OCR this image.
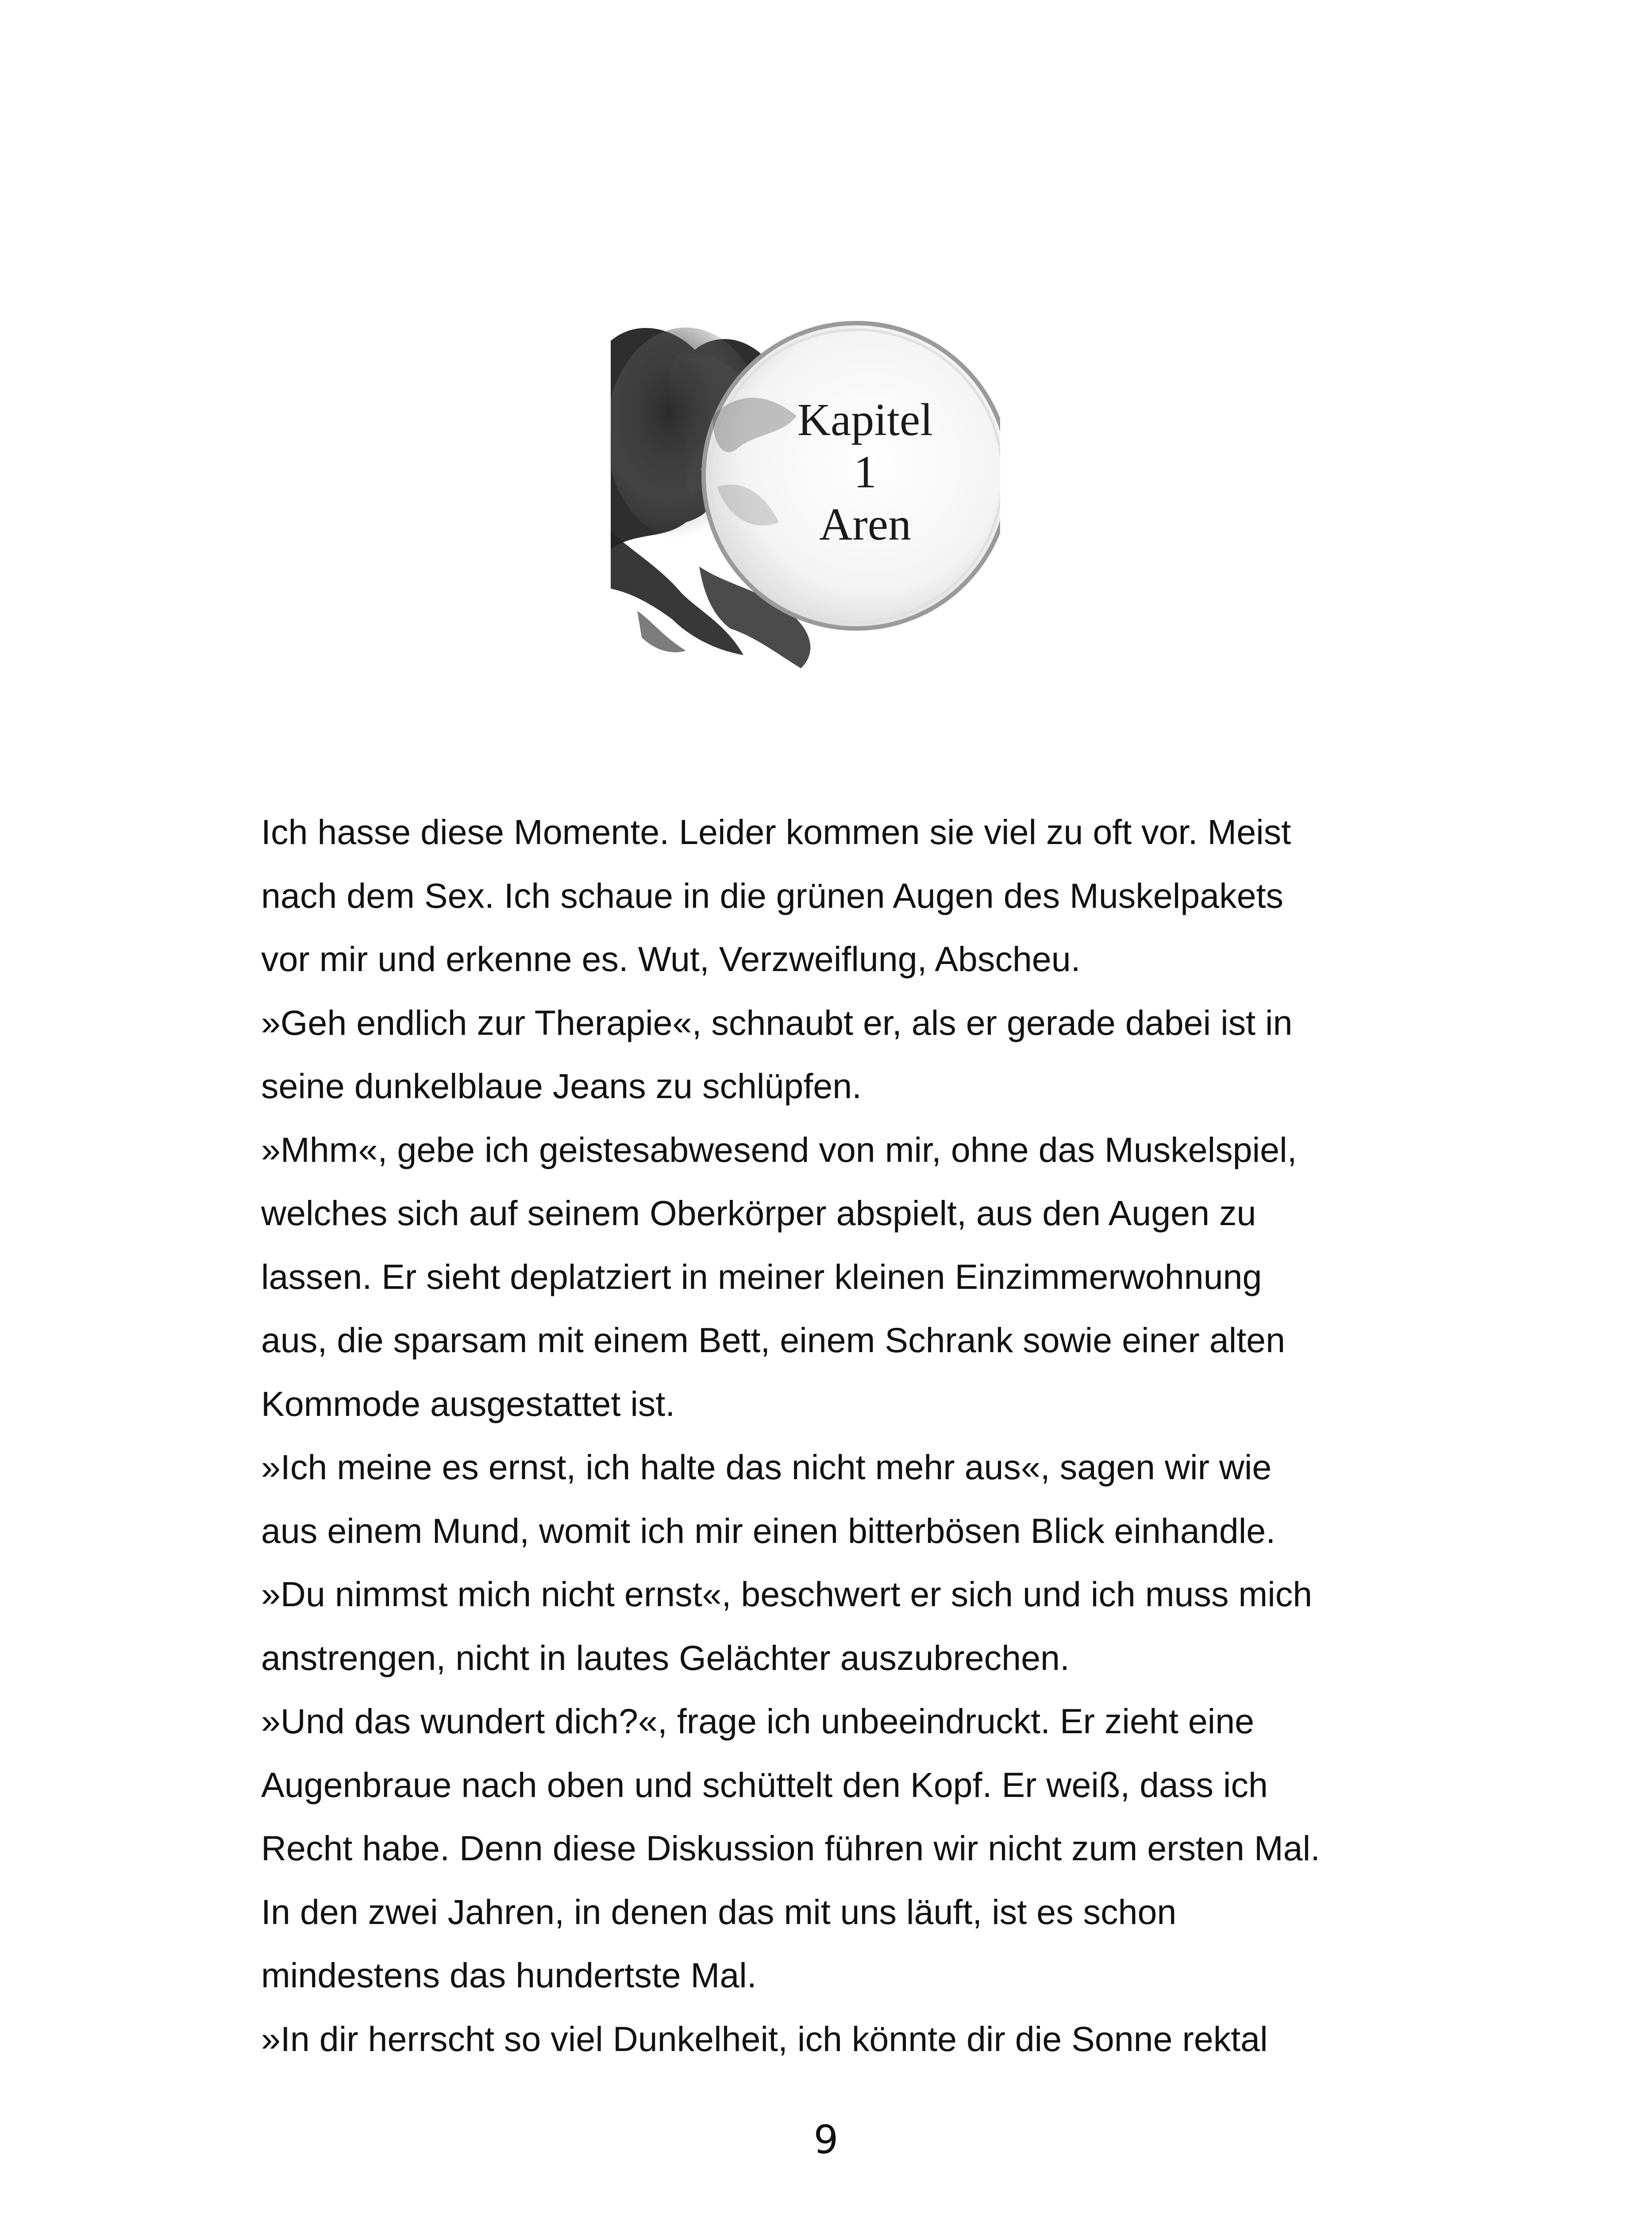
Kapitel
1
Aren
Ich hasse diese Momente. Leider kommen sie viel zu oft vor. Meist
nach dem Sex. Ich schaue in die grünen Augen des Muskelpakets
vor mir und erkenne es. Wut, Verzweiflung, Abscheu.
»Geh endlich zur Therapie«, schnaubt er, als er gerade dabei ist in
seine dunkelblaue Jeans zu schlüpfen.
»Mhm«, gebe ich geistesabwesend von mir, ohne das Muskelspiel,
welches sich auf seinem Oberkörper abspielt, aus den Augen zu
lassen. Er sieht deplatziert in meiner kleinen Einzimmerwohnung
aus, die sparsam mit einem Bett, einem Schrank sowie einer alten
Kommode ausgestattet ist.
»Ich meine es ernst, ich halte das nicht mehr aus«, sagen wir wie
aus einem Mund, womit ich mir einen bitterbösen Blick einhandle.
»Du nimmst mich nicht ernst«, beschwert er sich und ich muss mich
anstrengen, nicht in lautes Gelächter auszubrechen.
»Und das wundert dich?«, frage ich unbeeindruckt. Er zieht eine
Augenbraue nach oben und schüttelt den Kopf. Er weiß, dass ich
Recht habe. Denn diese Diskussion führen wir nicht zum ersten Mal.
In den zwei Jahren, in denen das mit uns läuft, ist es schon
mindestens das hundertste Mal.
»In dir herrscht so viel Dunkelheit, ich könnte dir die Sonne rektal
9
